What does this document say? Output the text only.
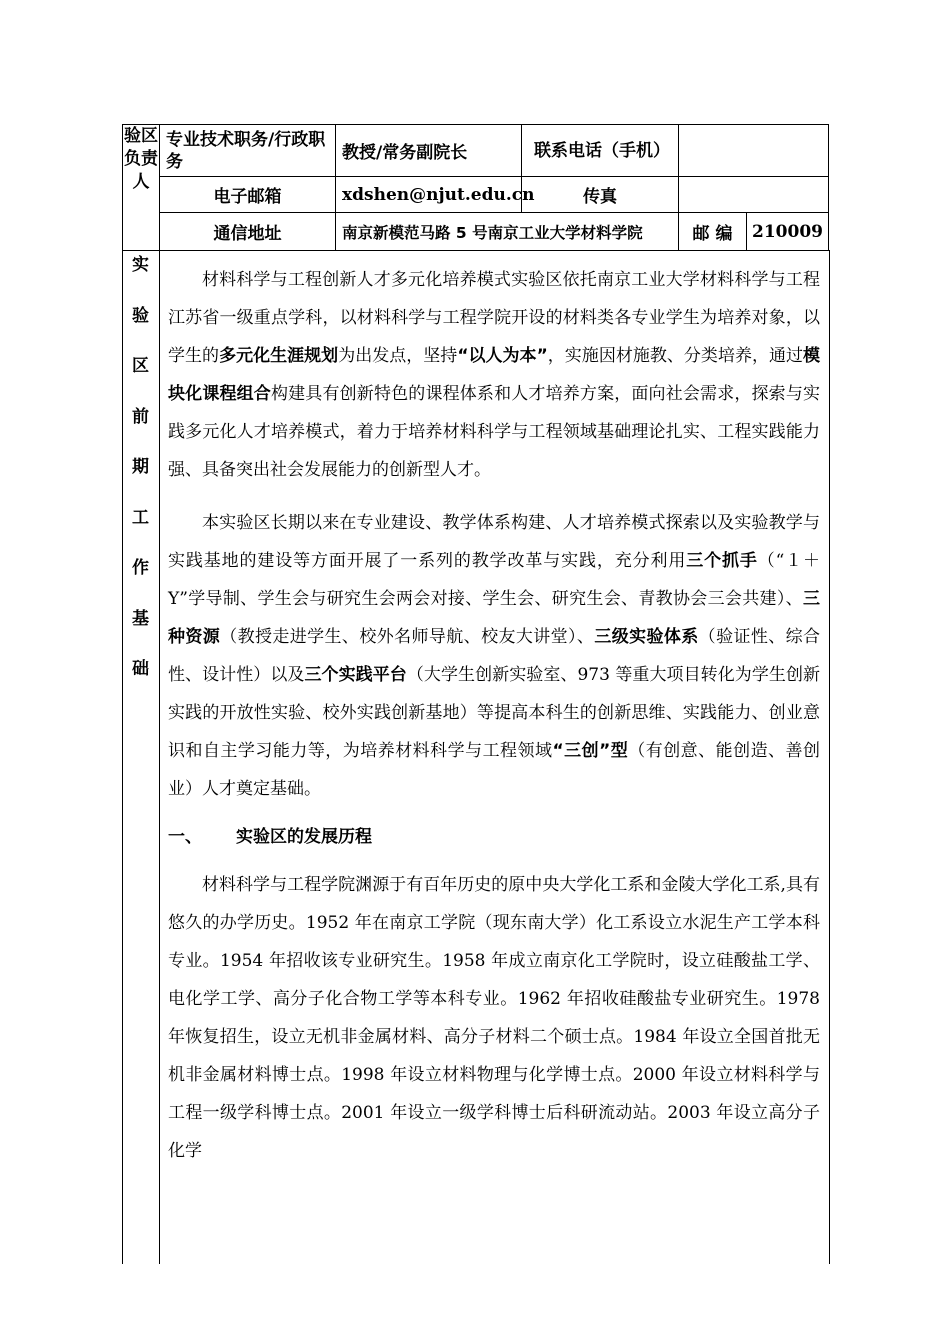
验区负责人	专业技术职务/行政职务	教授/常务副院长	联系电话（手机）		
	电子邮箱	xdshen@njut.edu.cn	传真		
	通信地址	南京新模范马路 5 号南京工业大学材料学院		邮 编	210009
实
验
区
前
期
工
作
基
础

材料科学与工程创新人才多元化培养模式实验区依托南京工业大学材料科学与工程江苏省一级重点学科，以材料科学与工程学院开设的材料类各专业学生为培养对象，以学生的多元化生涯规划为出发点，坚持“以人为本”，实施因材施教、分类培养，通过模块化课程组合构建具有创新特色的课程体系和人才培养方案，面向社会需求，探索与实践多元化人才培养模式，着力于培养材料科学与工程领域基础理论扎实、工程实践能力强、具备突出社会发展能力的创新型人才。

本实验区长期以来在专业建设、教学体系构建、人才培养模式探索以及实验教学与实践基地的建设等方面开展了一系列的教学改革与实践，充分利用三个抓手（“１＋Y”学导制、学生会与研究生会两会对接、学生会、研究生会、青教协会三会共建）、三种资源（教授走进学生、校外名师导航、校友大讲堂）、三级实验体系（验证性、综合性、设计性）以及三个实践平台（大学生创新实验室、973 等重大项目转化为学生创新实践的开放性实验、校外实践创新基地）等提高本科生的创新思维、实践能力、创业意识和自主学习能力等，为培养材料科学与工程领域“三创”型（有创意、能创造、善创业）人才奠定基础。

一、 实验区的发展历程

材料科学与工程学院渊源于有百年历史的原中央大学化工系和金陵大学化工系,具有悠久的办学历史。1952 年在南京工学院（现东南大学）化工系设立水泥生产工学本科专业。1954 年招收该专业研究生。1958 年成立南京化工学院时，设立硅酸盐工学、电化学工学、高分子化合物工学等本科专业。1962 年招收硅酸盐专业研究生。1978 年恢复招生，设立无机非金属材料、高分子材料二个硕士点。1984 年设立全国首批无机非金属材料博士点。1998 年设立材料物理与化学博士点。2000 年设立材料科学与工程一级学科博士点。2001 年设立一级学科博士后科研流动站。2003 年设立高分子化学
